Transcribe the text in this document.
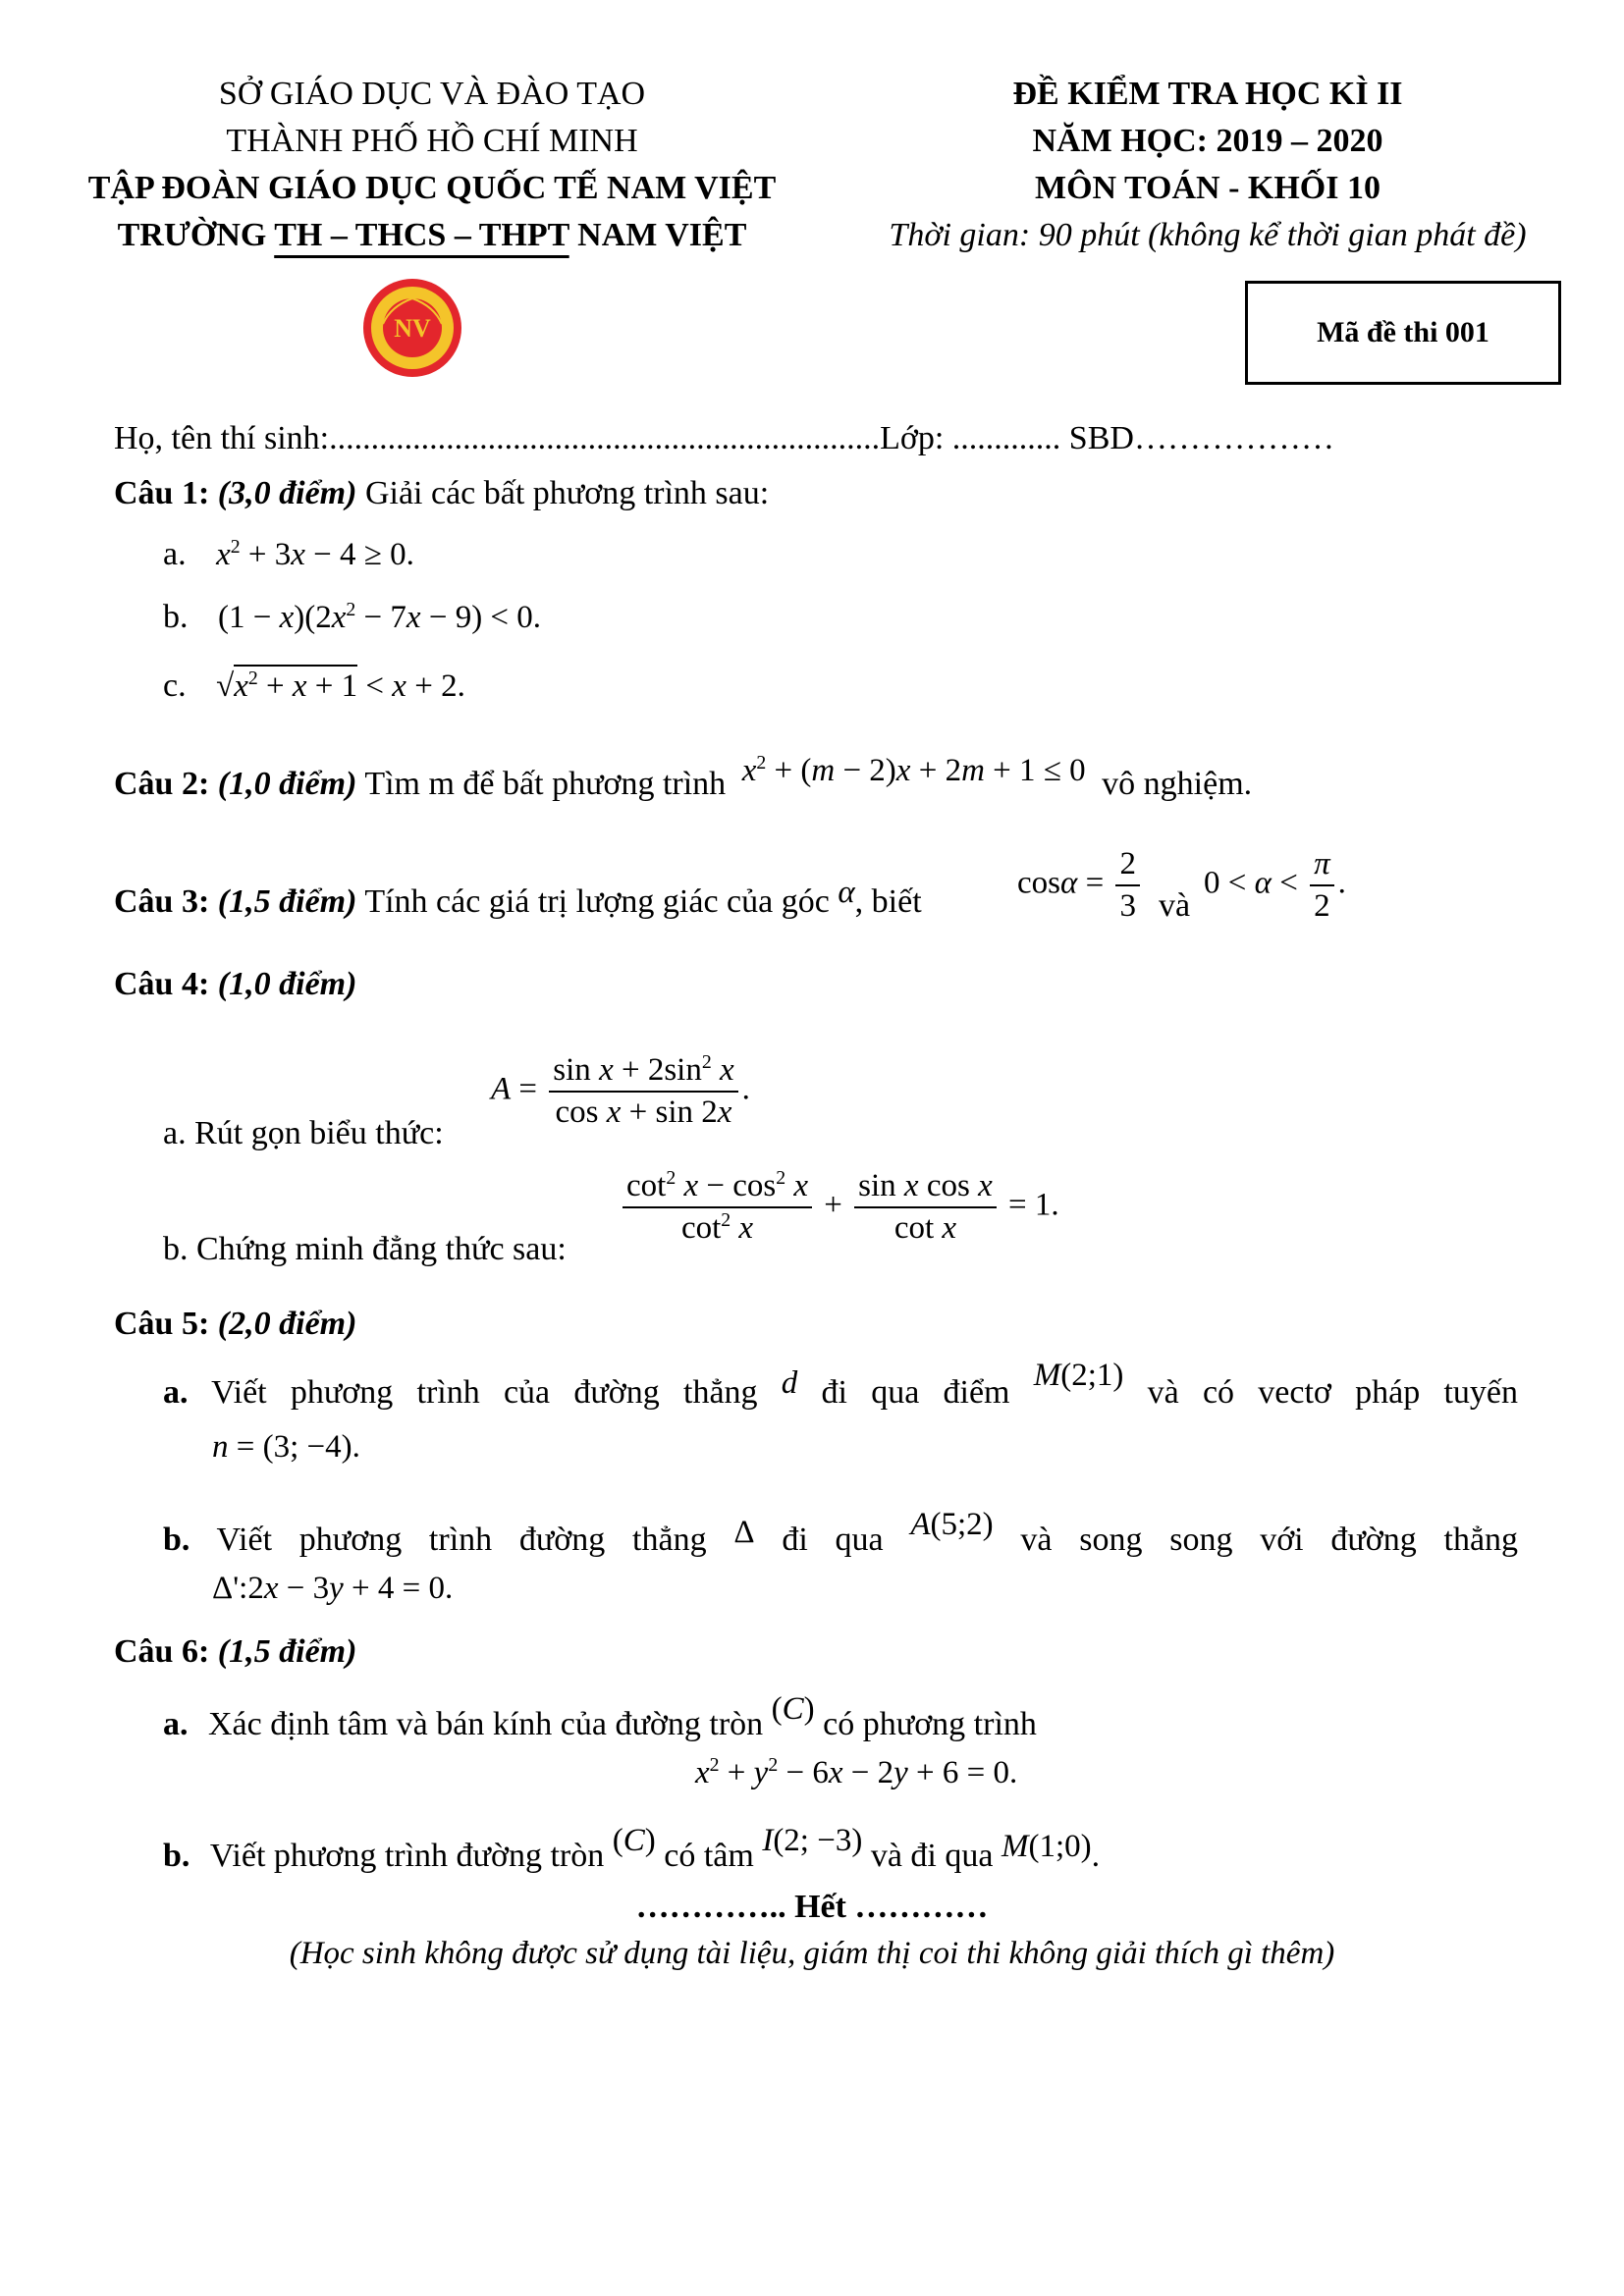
SỞ GIÁO DỤC VÀ ĐÀO TẠO
THÀNH PHỐ HỒ CHÍ MINH
TẬP ĐOÀN GIÁO DỤC QUỐC TẾ NAM VIỆT
TRƯỜNG TH – THCS – THPT NAM VIỆT
ĐỀ KIỂM TRA HỌC KÌ II
NĂM HỌC: 2019 – 2020
MÔN TOÁN - KHỐI 10
Thời gian: 90 phút (không kể thời gian phát đề)
NV	Mã đề thi 001
Họ, tên thí sinh:..................................................................Lớp: ............. SBD………………
Câu 1: (3,0 điểm) Giải các bất phương trình sau:
a. $x^2 + 3x - 4 \ge 0$.
b. $(1 - x)(2x^2 - 7x - 9) < 0$.
c. $√x^2 + x + 1 < x + 2$.
Câu 2: (1,0 điểm) Tìm m để bất phương trình $x^2 + (m - 2)x + 2m + 1 \le 0$ vô nghiệm.
Câu 3: (1,5 điểm) Tính các giá trị lượng giác của góc α, biết
$\cos\alpha = \frac{2}{3}$ và
$0 < \alpha < \frac{\pi}{2}$ .
Câu 4: (1,0 điểm)
a. Rút gọn biểu thức:
$A = \frac{\sin x + 2\sin^2 x}{\text{cos x + sin 2x}}$ .
b. Chứng minh đẳng thức sau:
$\frac{\cot^2 x - \cos^2 x}{\cot^2 x} + \frac{\text{sin x cos x}}{\text{cot x}} = 1$.
Câu 5: (2,0 điểm)
a. Viết phương trình của đường thẳng d đi qua điểm M(2;1) và có vectơ pháp tuyến
n = (3; −4).
b. Viết phương trình đường thẳng Δ đi qua A(5;2) và song song với đường thẳng
Δ':2x − 3y + 4 = 0.
Câu 6: (1,5 điểm)
a. Xác định tâm và bán kính của đường tròn (C) có phương trình
$x^2 + y^2 - 6x - 2y + 6 = 0$.
b. Viết phương trình đường tròn (C) có tâm I(2; −3) và đi qua M(1;0).
………….. Hết …………
(Học sinh không được sử dụng tài liệu, giám thị coi thi không giải thích gì thêm)
